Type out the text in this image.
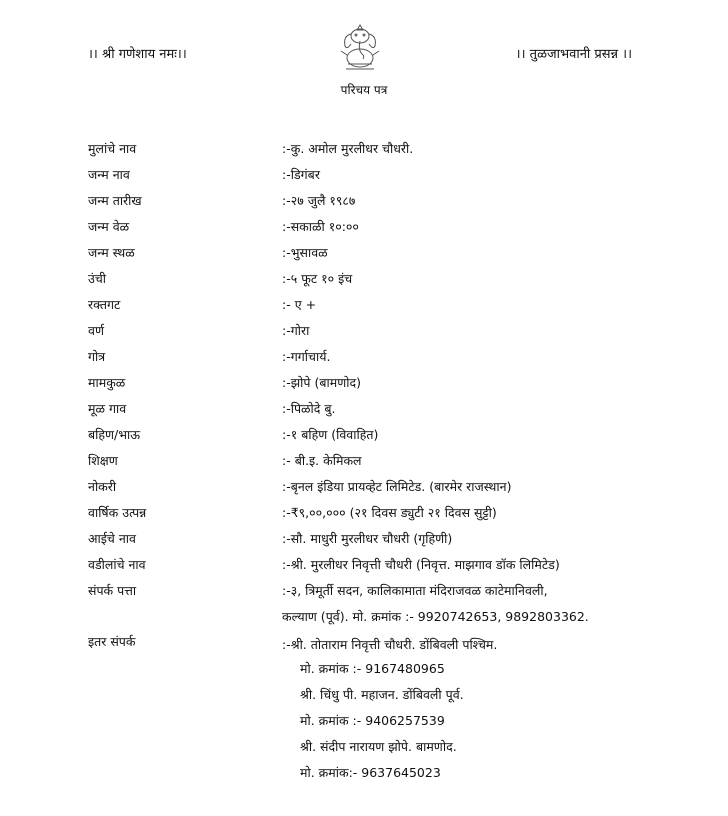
।। श्री गणेशाय नमः।।	।। तुळजाभवानी प्रसन्न ।।
परिचय पत्र
मुलांचे नाव	:-कु. अमोल मुरलीधर चौधरी.
जन्म नाव	:-डिगंबर
जन्म तारीख	:-२७ जुलै १९८७
जन्म वेळ	:-सकाळी १०:००
जन्म स्थळ	:-भुसावळ
उंची	:-५ फूट १० इंच
रक्तगट	:- ए +
वर्ण	:-गोरा
गोत्र	:-गर्गाचार्य.
मामकुळ	:-झोपे (बामणोद)
मूळ गाव	:-पिळोदे बु.
बहिण/भाऊ	:-१ बहिण (विवाहित)
शिक्षण	:- बी.इ. केमिकल
नोकरी	:-बृनल इंडिया प्रायव्हेट लिमिटेड. (बारमेर राजस्थान)
वार्षिक उत्पन्न	:-₹९,००,००० (२१ दिवस ड्युटी २१ दिवस सुट्टी)
आईचे नाव	:-सौ. माधुरी मुरलीधर चौधरी (गृहिणी)
वडीलांचे नाव	:-श्री. मुरलीधर निवृत्ती चौधरी (निवृत्त. माझगाव डॉक लिमिटेड)
संपर्क पत्ता	:-३, त्रिमूर्ती सदन, कालिकामाता मंदिराजवळ काटेमानिवली,
कल्याण (पूर्व). मो. क्रमांक :- 9920742653, 9892803362.
इतर संपर्क	:-श्री. तोताराम निवृत्ती चौधरी. डोंबिवली पश्चिम.
मो. क्रमांक :- 9167480965
श्री. चिंधु पी. महाजन. डोंबिवली पूर्व.
मो. क्रमांक :- 9406257539
श्री. संदीप नारायण झोपे. बामणोद.
मो. क्रमांक:- 9637645023
